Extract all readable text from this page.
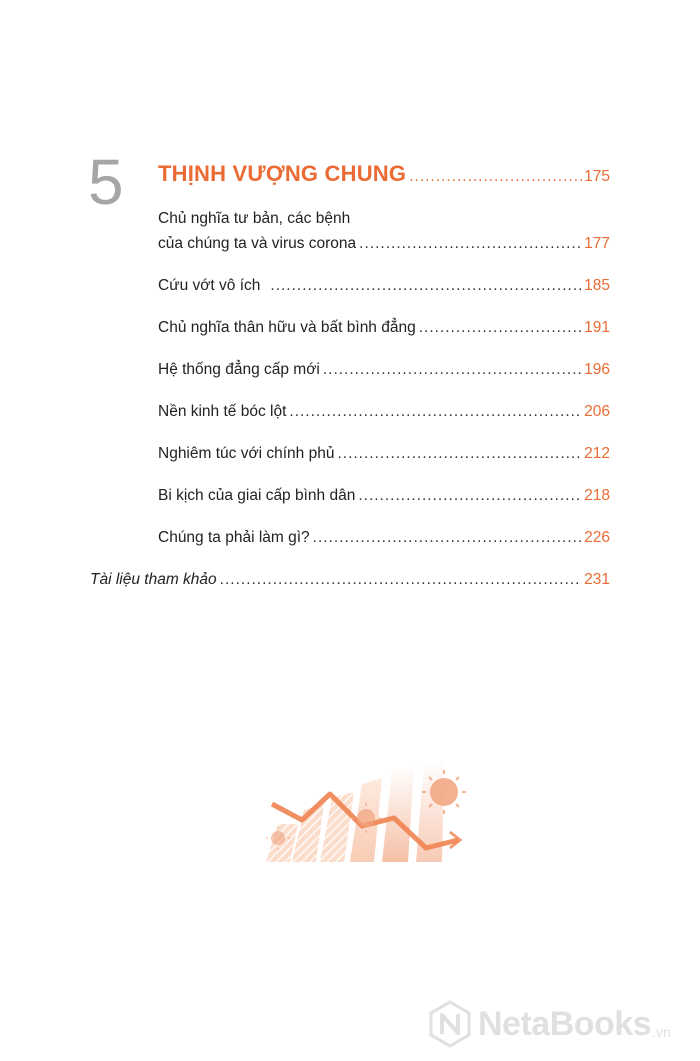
5 THỊNH VƯỢNG CHUNG .....	175
Chủ nghĩa tư bản, các bệnh
của chúng ta và virus corona .....	177
Cứu vớt vô ích .....	185
Chủ nghĩa thân hữu và bất bình đẳng .....	191
Hệ thống đẳng cấp mới .....	196
Nền kinh tế bóc lột .....	206
Nghiêm túc với chính phủ .....	212
Bi kịch của giai cấp bình dân .....	218
Chúng ta phải làm gì? .....	226
Tài liệu tham khảo .....	231
NetaBooks .vn
